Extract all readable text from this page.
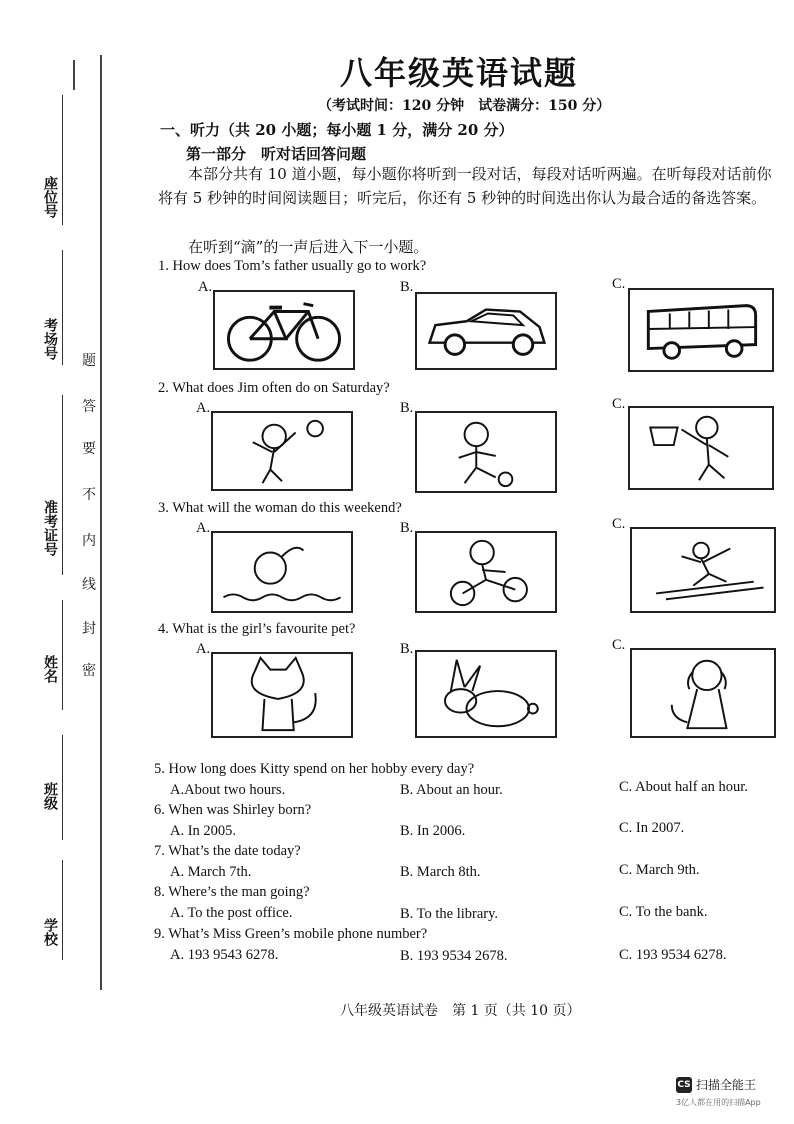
座位号
考场号
准考证号
姓名
班级
学校
题
答
要
不
内
线
封
密
八年级英语试题
（考试时间：120 分钟　试卷满分：150 分）
一、听力（共 20 小题；每小题 1 分，满分 20 分）
第一部分　听对话回答问题
本部分共有 10 道小题，每小题你将听到一段对话，每段对话听两遍。在听每段对话前你将有 5 秒钟的时间阅读题目；听完后，你还有 5 秒钟的时间选出你认为最合适的备选答案。
在听到“滴”的一声后进入下一小题。
1. How does Tom’s father usually go to work?
A.	B.	C.
2. What does Jim often do on Saturday?
A.	B.	C.
3. What will the woman do this weekend?
A.	B.	C.
4. What is the girl’s favourite pet?
A.	B.	C.
5. How long does Kitty spend on her hobby every day?
A.About two hours.	B. About an hour.	C. About half an hour.
6. When was Shirley born?
A. In 2005.	B. In 2006.	C. In 2007.
7. What’s the date today?
A. March 7th.	B. March 8th.	C. March 9th.
8. Where’s the man going?
A. To the post office.	B. To the library.	C. To the bank.
9. What’s Miss Green’s mobile phone number?
A. 193 9543 6278.	B. 193 9534 2678.	C. 193 9534 6278.
八年级英语试卷　第 1 页（共 10 页）
CS 扫描全能王
3亿人都在用的扫描App
